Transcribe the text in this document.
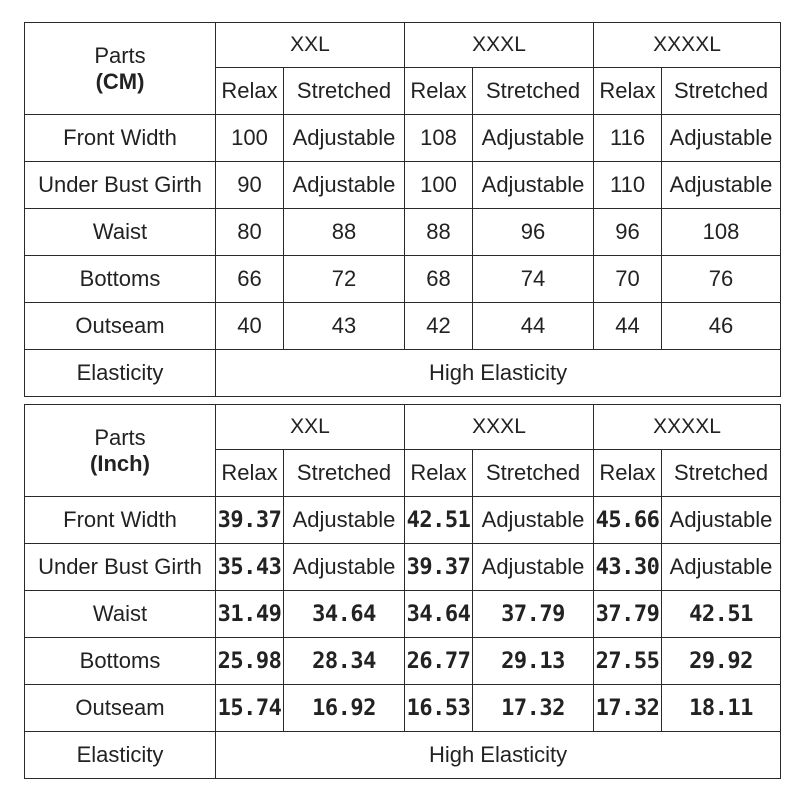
Parts
(CM)	XXL		XXXL		XXXXL	
	Relax	Stretched	Relax	Stretched	Relax	Stretched
Front Width	100	Adjustable	108	Adjustable	116	Adjustable
Under Bust Girth	90	Adjustable	100	Adjustable	110	Adjustable
Waist	80	88	88	96	96	108
Bottoms	66	72	68	74	70	76
Outseam	40	43	42	44	44	46
Elasticity	High Elasticity					
Parts
(Inch)	XXL		XXXL		XXXXL	
	Relax	Stretched	Relax	Stretched	Relax	Stretched
Front Width	39.37	Adjustable	42.51	Adjustable	45.66	Adjustable
Under Bust Girth	35.43	Adjustable	39.37	Adjustable	43.30	Adjustable
Waist	31.49	34.64	34.64	37.79	37.79	42.51
Bottoms	25.98	28.34	26.77	29.13	27.55	29.92
Outseam	15.74	16.92	16.53	17.32	17.32	18.11
Elasticity	High Elasticity					
